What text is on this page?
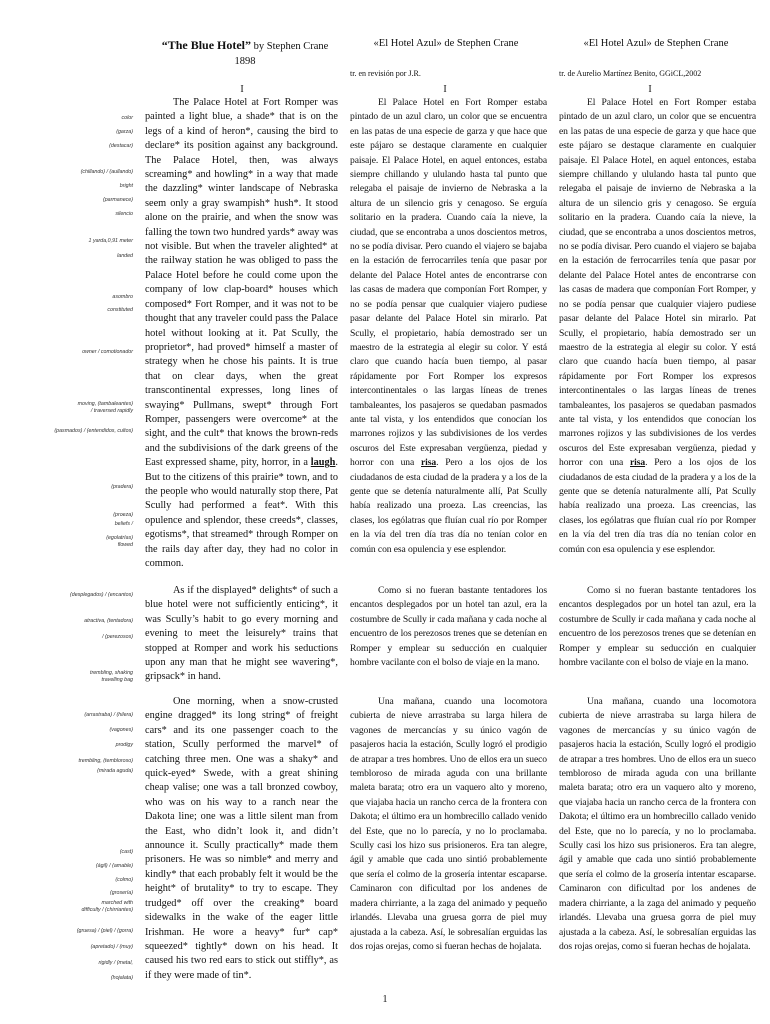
“The Blue Hotel” by Stephen Crane
1898
«El Hotel Azul» de Stephen Crane	«El Hotel Azul» de Stephen Crane
tr. en revisión por J.R.	tr. de Aurelio Martínez Benito, GGiCL,2002
I	I	I
color
(garza)
(destacar)
(chillando) / (aullando)
bright
(parmanece)
silencio
1 yarda,0,91 meter
landed
asombro
constituted
owner / comotionador
moving, (tambaleantes)
/ traversed rapidly
(pasmados) / (entendidos, cultos)
(pradera)
(proeza)
beliefs /
(egolatrías)
flowed
(desplegados) / (encantos)
atractiva, (tentadora)
/ (perezosos)
trembling, shaking
travelling bag
(arrastraba) / (hilera)
(vagones)
prodigy
trembling, (tembloroso)
(mirada aguda)
(cast)
(ágil) / (amable)
(colmo)
(grosería)
marched with
difficulty / (chirriantes)
(gruesa) / (piel) / (gorra)
(apretado) / (muy)
rigidly / (metal,
(hojalata)

The Palace Hotel at Fort Romper was painted a light blue, a shade* that is on the legs of a kind of heron*, causing the bird to declare* its position against any background. The Palace Hotel, then, was always screaming* and howling* in a way that made the dazzling* winter landscape of Nebraska seem only a gray swampish* hush*. It stood alone on the prairie, and when the snow was falling the town two hundred yards* away was not visible. But when the traveler alighted* at the railway station he was obliged to pass the Palace Hotel before he could come upon the company of low clap-board* houses which composed* Fort Romper, and it was not to be thought that any traveler could pass the Palace hotel without looking at it. Pat Scully, the proprietor*, had proved* himself a master of strategy when he chose his paints. It is true that on clear days, when the great transcontinental expresses, long lines of swaying* Pullmans, swept* through Fort Romper, passengers were overcome* at the sight, and the cult* that knows the brown-reds and the subdivisions of the dark greens of the East expressed shame, pity, horror, in a laugh. But to the citizens of this prairie* town, and to the people who would naturally stop there, Pat Scully had performed a feat*. With this opulence and splendor, these creeds*, classes, egotisms*, that streamed* through Romper on the rails day after day, they had no color in common.

As if the displayed* delights* of such a blue hotel were not sufficiently enticing*, it was Scully’s habit to go every morning and evening to meet the leisurely* trains that stopped at Romper and work his seductions upon any man that he might see wavering*, gripsack* in hand.

One morning, when a snow-crusted engine dragged* its long string* of freight cars* and its one passenger coach to the station, Scully performed the marvel* of catching three men. One was a shaky* and quick-eyed* Swede, with a great shining cheap valise; one was a tall bronzed cowboy, who was on his way to a ranch near the Dakota line; one was a little silent man from the East, who didn’t look it, and didn’t announce it. Scully practically* made them prisoners. He was so nimble* and merry and kindly* that each probably felt it would be the height* of brutality* to try to escape. They trudged* off over the creaking* board sidewalks in the wake of the eager little Irishman. He wore a heavy* fur* cap* squeezed* tightly* down on his head. It caused his two red ears to stick out stiffly*, as if they were made of tin*.

El Palace Hotel en Fort Romper estaba pintado de un azul claro, un color que se encuentra en las patas de una especie de garza y que hace que este pájaro se destaque claramente en cualquier paisaje. El Palace Hotel, en aquel entonces, estaba siempre chillando y ululando hasta tal punto que relegaba el paisaje de invierno de Nebraska a la altura de un silencio gris y cenagoso. Se erguía solitario en la pradera. Cuando caía la nieve, la ciudad, que se encontraba a unos doscientos metros, no se podía divisar. Pero cuando el viajero se bajaba en la estación de ferrocarriles tenía que pasar por delante del Palace Hotel antes de encontrarse con las casas de madera que componían Fort Romper, y no se podía pensar que cualquier viajero pudiese pasar delante del Palace Hotel sin mirarlo. Pat Scully, el propietario, había demostrado ser un maestro de la estrategia al elegir su color. Y está claro que cuando hacía buen tiempo, al pasar rápidamente por Fort Romper los expresos intercontinentales o las largas líneas de trenes tambaleantes, los pasajeros se quedaban pasmados ante tal vista, y los entendidos que conocían los marrones rojizos y las subdivisiones de los verdes oscuros del Este expresaban vergüenza, piedad y horror con una risa. Pero a los ojos de los ciudadanos de esta ciudad de la pradera y a los de la gente que se detenía naturalmente allí, Pat Scully había realizado una proeza. Las creencias, las clases, los ególatras que fluían cual río por Romper en la vía del tren día tras día no tenían color en común con esa opulencia y ese esplendor.

Como si no fueran bastante tentadores los encantos desplegados por un hotel tan azul, era la costumbre de Scully ir cada mañana y cada noche al encuentro de los perezosos trenes que se detenían en Romper y emplear su seducción en cualquier hombre vacilante con el bolso de viaje en la mano.

Una mañana, cuando una locomotora cubierta de nieve arrastraba su larga hilera de vagones de mercancías y su único vagón de pasajeros hacia la estación, Scully logró el prodigio de atrapar a tres hombres. Uno de ellos era un sueco tembloroso de mirada aguda con una brillante maleta barata; otro era un vaquero alto y moreno, que viajaba hacia un rancho cerca de la frontera con Dakota; el último era un hombrecillo callado venido del Este, que no lo parecía, y no lo proclamaba. Scully casi los hizo sus prisioneros. Era tan alegre, ágil y amable que cada uno sintió probablemente que sería el colmo de la grosería intentar escaparse. Caminaron con dificultad por los andenes de madera chirriante, a la zaga del animado y pequeño irlandés. Llevaba una gruesa gorra de piel muy ajustada a la cabeza. Así, le sobresalían erguidas las dos rojas orejas, como si fueran hechas de hojalata.

El Palace Hotel en Fort Romper estaba pintado de un azul claro, un color que se encuentra en las patas de una especie de garza y que hace que este pájaro se destaque claramente en cualquier paisaje. El Palace Hotel, en aquel entonces, estaba siempre chillando y ululando hasta tal punto que relegaba el paisaje de invierno de Nebraska a la altura de un silencio gris y cenagoso. Se erguía solitario en la pradera. Cuando caía la nieve, la ciudad, que se encontraba a unos doscientos metros, no se podía divisar. Pero cuando el viajero se bajaba en la estación de ferrocarriles tenía que pasar por delante del Palace Hotel antes de encontrarse con las casas de madera que componían Fort Romper, y no se podía pensar que cualquier viajero pudiese pasar delante del Palace Hotel sin mirarlo. Pat Scully, el propietario, había demostrado ser un maestro de la estrategia al elegir su color. Y está claro que cuando hacía buen tiempo, al pasar rápidamente por Fort Romper los expresos intercontinentales o las largas líneas de trenes tambaleantes, los pasajeros se quedaban pasmados ante tal vista, y los entendidos que conocían los marrones rojizos y las subdivisiones de los verdes oscuros del Este expresaban vergüenza, piedad y horror con una risa. Pero a los ojos de los ciudadanos de esta ciudad de la pradera y a los de la gente que se detenía naturalmente allí, Pat Scully había realizado una proeza. Las creencias, las clases, los ególatras que fluían cual río por Romper en la vía del tren día tras día no tenían color en común con esa opulencia y ese esplendor.

Como si no fueran bastante tentadores los encantos desplegados por un hotel tan azul, era la costumbre de Scully ir cada mañana y cada noche al encuentro de los perezosos trenes que se detenían en Romper y emplear su seducción en cualquier hombre vacilante con el bolso de viaje en la mano.

Una mañana, cuando una locomotora cubierta de nieve arrastraba su larga hilera de vagones de mercancías y su único vagón de pasajeros hacia la estación, Scully logró el prodigio de atrapar a tres hombres. Uno de ellos era un sueco tembloroso de mirada aguda con una brillante maleta barata; otro era un vaquero alto y moreno, que viajaba hacia un rancho cerca de la frontera con Dakota; el último era un hombrecillo callado venido del Este, que no lo parecía, y no lo proclamaba. Scully casi los hizo sus prisioneros. Era tan alegre, ágil y amable que cada uno sintió probablemente que sería el colmo de la grosería intentar escaparse. Caminaron con dificultad por los andenes de madera chirriante, a la zaga del animado y pequeño irlandés. Llevaba una gruesa gorra de piel muy ajustada a la cabeza. Así, le sobresalían erguidas las dos rojas orejas, como si fueran hechas de hojalata.

1
